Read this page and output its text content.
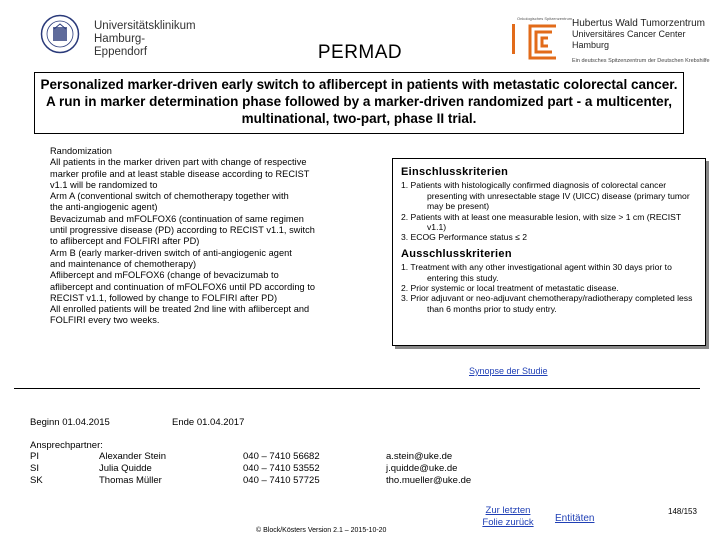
Universitätsklinikum
Hamburg-Eppendorf
Onkologisches Spitzenzentrum Hubertus Wald Tumorzentrum
Universitäres Cancer Center Hamburg
Ein deutsches Spitzenzentrum der Deutschen Krebshilfe
PERMAD
Personalized marker-driven early switch to aflibercept in patients with metastatic colorectal cancer. A run in marker determination phase followed by a marker-driven randomized part - a multicenter, multinational, two-part, phase II trial.
Randomization
All patients in the marker driven part with change of respective
marker profile and at least stable disease according to RECIST
v1.1 will be randomized to
Arm A (conventional switch of chemotherapy together with
the anti-angiogenic agent)
Bevacizumab and mFOLFOX6 (continuation of same regimen
until progressive disease (PD) according to RECIST v1.1, switch
to aflibercept and FOLFIRI after PD)
Arm B (early marker-driven switch of anti-angiogenic agent
and maintenance of chemotherapy)
Aflibercept and mFOLFOX6 (change of bevacizumab to
aflibercept and continuation of mFOLFOX6 until PD according to
RECIST v1.1, followed by change to FOLFIRI after PD)
All enrolled patients will be treated 2nd line with aflibercept and
FOLFIRI every two weeks.
Einschlusskriterien
1. Patients with histologically confirmed diagnosis of colorectal cancer presenting with unresectable stage IV (UICC) disease (primary tumor may be present)
2. Patients with at least one measurable lesion, with size > 1 cm (RECIST v1.1)
3. ECOG Performance status ≤ 2
Ausschlusskriterien
1. Treatment with any other investigational agent within 30 days prior to entering this study.
2. Prior systemic or local treatment of metastatic disease.
3. Prior adjuvant or neo-adjuvant chemotherapy/radiotherapy completed less than 6 months prior to study entry.
Synopse der Studie
Beginn 01.04.2015	Ende 01.04.2017
Ansprechpartner:
PI	Alexander Stein	040 – 7410 56682	a.stein@uke.de
SI	Julia Quidde	040 – 7410 53552	j.quidde@uke.de
SK	Thomas Müller	040 – 7410 57725	tho.mueller@uke.de
Zur letzten
Folie zurück	Entitäten
148/153
© Block/Kösters Version 2.1 – 2015-10-20
